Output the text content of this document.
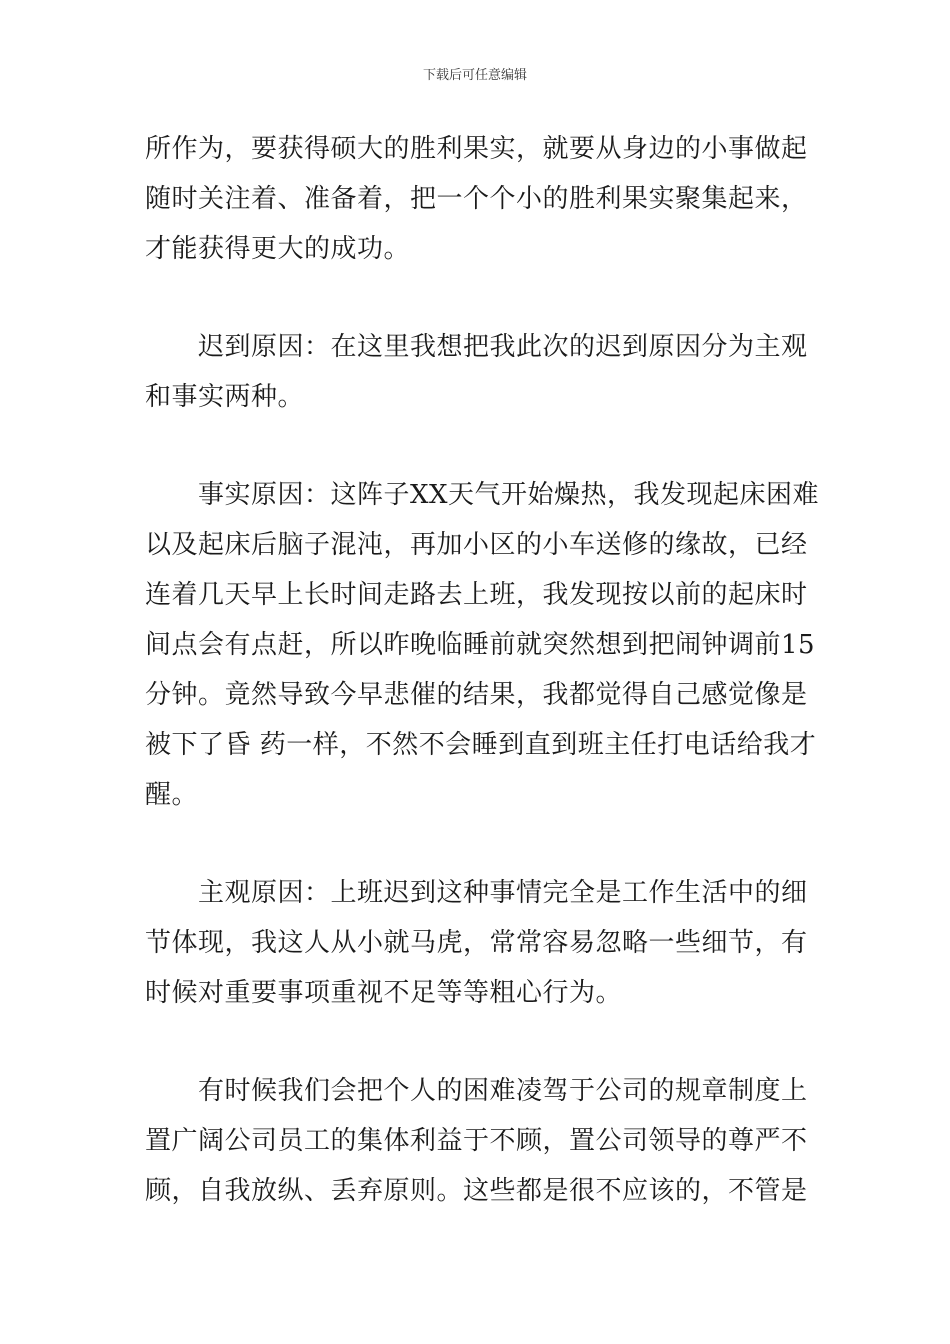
下载后可任意编辑

所作为，要获得硕大的胜利果实，就要从身边的小事做起
随时关注着、准备着，把一个个小的胜利果实聚集起来，
才能获得更大的成功。

迟到原因：在这里我想把我此次的迟到原因分为主观
和事实两种。

事实原因：这阵子XX天气开始燥热，我发现起床困难
以及起床后脑子混沌，再加小区的小车送修的缘故，已经
连着几天早上长时间走路去上班，我发现按以前的起床时
间点会有点赶，所以昨晚临睡前就突然想到把闹钟调前15
分钟。竟然导致今早悲催的结果，我都觉得自己感觉像是
被下了昏 药一样，不然不会睡到直到班主任打电话给我才
醒。

主观原因：上班迟到这种事情完全是工作生活中的细
节体现，我这人从小就马虎，常常容易忽略一些细节，有
时候对重要事项重视不足等等粗心行为。

有时候我们会把个人的困难凌驾于公司的规章制度上
置广阔公司员工的集体利益于不顾，置公司领导的尊严不
顾，自我放纵、丢弃原则。这些都是很不应该的，不管是
